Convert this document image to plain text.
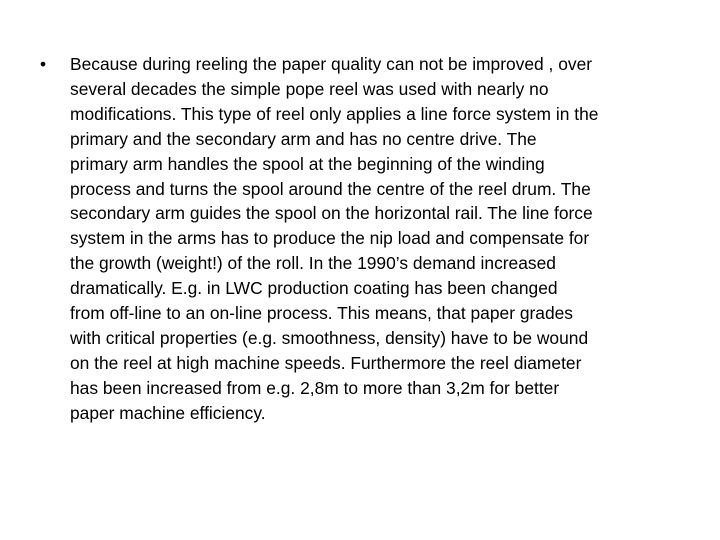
•	Because during reeling the paper quality can not be improved , over
several decades the simple pope reel was used with nearly no
modifications. This type of reel only applies a line force system in the
primary and the secondary arm and has no centre drive. The
primary arm handles the spool at the beginning of the winding
process and turns the spool around the centre of the reel drum. The
secondary arm guides the spool on the horizontal rail. The line force
system in the arms has to produce the nip load and compensate for
the growth (weight!) of the roll. In the 1990’s demand increased
dramatically. E.g. in LWC production coating has been changed
from off-line to an on-line process. This means, that paper grades
with critical properties (e.g. smoothness, density) have to be wound
on the reel at high machine speeds. Furthermore the reel diameter
has been increased from e.g. 2,8m to more than 3,2m for better
paper machine efficiency.
